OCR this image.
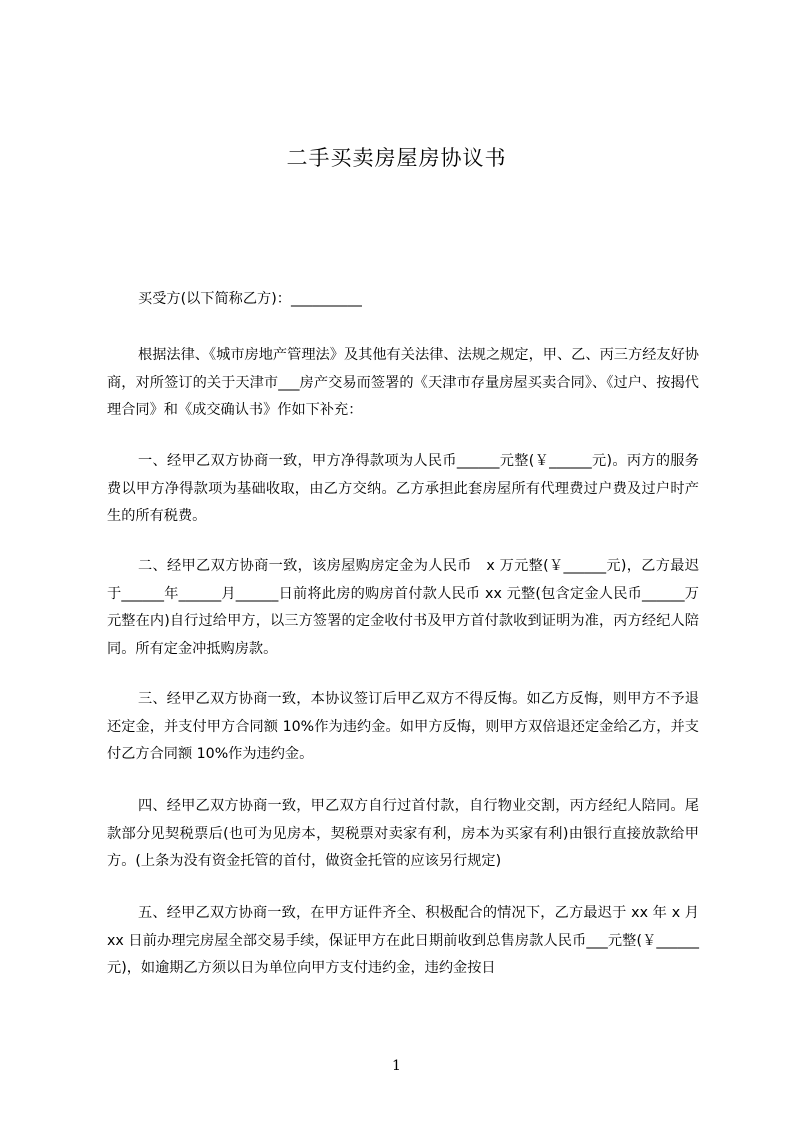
二手买卖房屋房协议书
买受方(以下简称乙方)：__________
根据法律、《城市房地产管理法》及其他有关法律、法规之规定，甲、乙、丙三方经友好协商，对所签订的关于天津市___房产交易而签署的《天津市存量房屋买卖合同》、《过户、按揭代理合同》和《成交确认书》作如下补充：
一、经甲乙双方协商一致，甲方净得款项为人民币______元整(￥______元)。丙方的服务费以甲方净得款项为基础收取，由乙方交纳。乙方承担此套房屋所有代理费过户费及过户时产生的所有税费。
二、经甲乙双方协商一致，该房屋购房定金为人民币　x 万元整(￥______元)，乙方最迟于______年______月______日前将此房的购房首付款人民币 xx 元整(包含定金人民币______万元整在内)自行过给甲方，以三方签署的定金收付书及甲方首付款收到证明为准，丙方经纪人陪同。所有定金冲抵购房款。
三、经甲乙双方协商一致，本协议签订后甲乙双方不得反悔。如乙方反悔，则甲方不予退还定金，并支付甲方合同额 10%作为违约金。如甲方反悔，则甲方双倍退还定金给乙方，并支付乙方合同额 10%作为违约金。
四、经甲乙双方协商一致，甲乙双方自行过首付款，自行物业交割，丙方经纪人陪同。尾款部分见契税票后(也可为见房本，契税票对卖家有利，房本为买家有利)由银行直接放款给甲方。(上条为没有资金托管的首付，做资金托管的应该另行规定)
五、经甲乙双方协商一致，在甲方证件齐全、积极配合的情况下，乙方最迟于 xx 年 x 月 xx 日前办理完房屋全部交易手续，保证甲方在此日期前收到总售房款人民币___元整(￥______元)，如逾期乙方须以日为单位向甲方支付违约金，违约金按日
1
